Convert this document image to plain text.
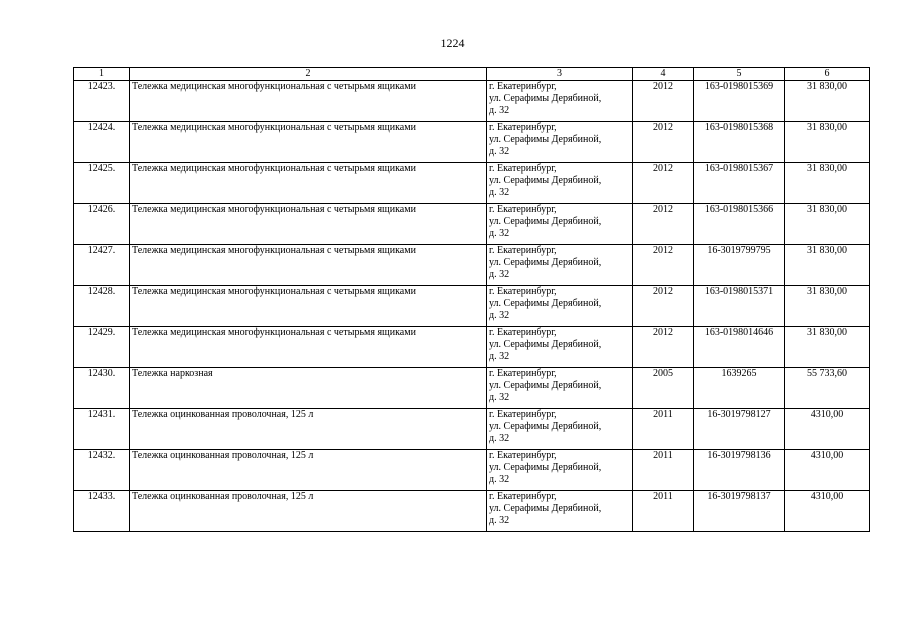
1224
1	2	3	4	5	6
12423.	Тележка медицинская многофункциональная с четырьмя ящиками	г. Екатеринбург,
ул. Серафимы Дерябиной,
д. 32	2012	163-0198015369	31 830,00
12424.	Тележка медицинская многофункциональная с четырьмя ящиками	г. Екатеринбург,
ул. Серафимы Дерябиной,
д. 32	2012	163-0198015368	31 830,00
12425.	Тележка медицинская многофункциональная с четырьмя ящиками	г. Екатеринбург,
ул. Серафимы Дерябиной,
д. 32	2012	163-0198015367	31 830,00
12426.	Тележка медицинская многофункциональная с четырьмя ящиками	г. Екатеринбург,
ул. Серафимы Дерябиной,
д. 32	2012	163-0198015366	31 830,00
12427.	Тележка медицинская многофункциональная с четырьмя ящиками	г. Екатеринбург,
ул. Серафимы Дерябиной,
д. 32	2012	16-3019799795	31 830,00
12428.	Тележка медицинская многофункциональная с четырьмя ящиками	г. Екатеринбург,
ул. Серафимы Дерябиной,
д. 32	2012	163-0198015371	31 830,00
12429.	Тележка медицинская многофункциональная с четырьмя ящиками	г. Екатеринбург,
ул. Серафимы Дерябиной,
д. 32	2012	163-0198014646	31 830,00
12430.	Тележка наркозная	г. Екатеринбург,
ул. Серафимы Дерябиной,
д. 32	2005	1639265	55 733,60
12431.	Тележка оцинкованная проволочная, 125 л	г. Екатеринбург,
ул. Серафимы Дерябиной,
д. 32	2011	16-3019798127	4310,00
12432.	Тележка оцинкованная проволочная, 125 л	г. Екатеринбург,
ул. Серафимы Дерябиной,
д. 32	2011	16-3019798136	4310,00
12433.	Тележка оцинкованная проволочная, 125 л	г. Екатеринбург,
ул. Серафимы Дерябиной,
д. 32	2011	16-3019798137	4310,00
